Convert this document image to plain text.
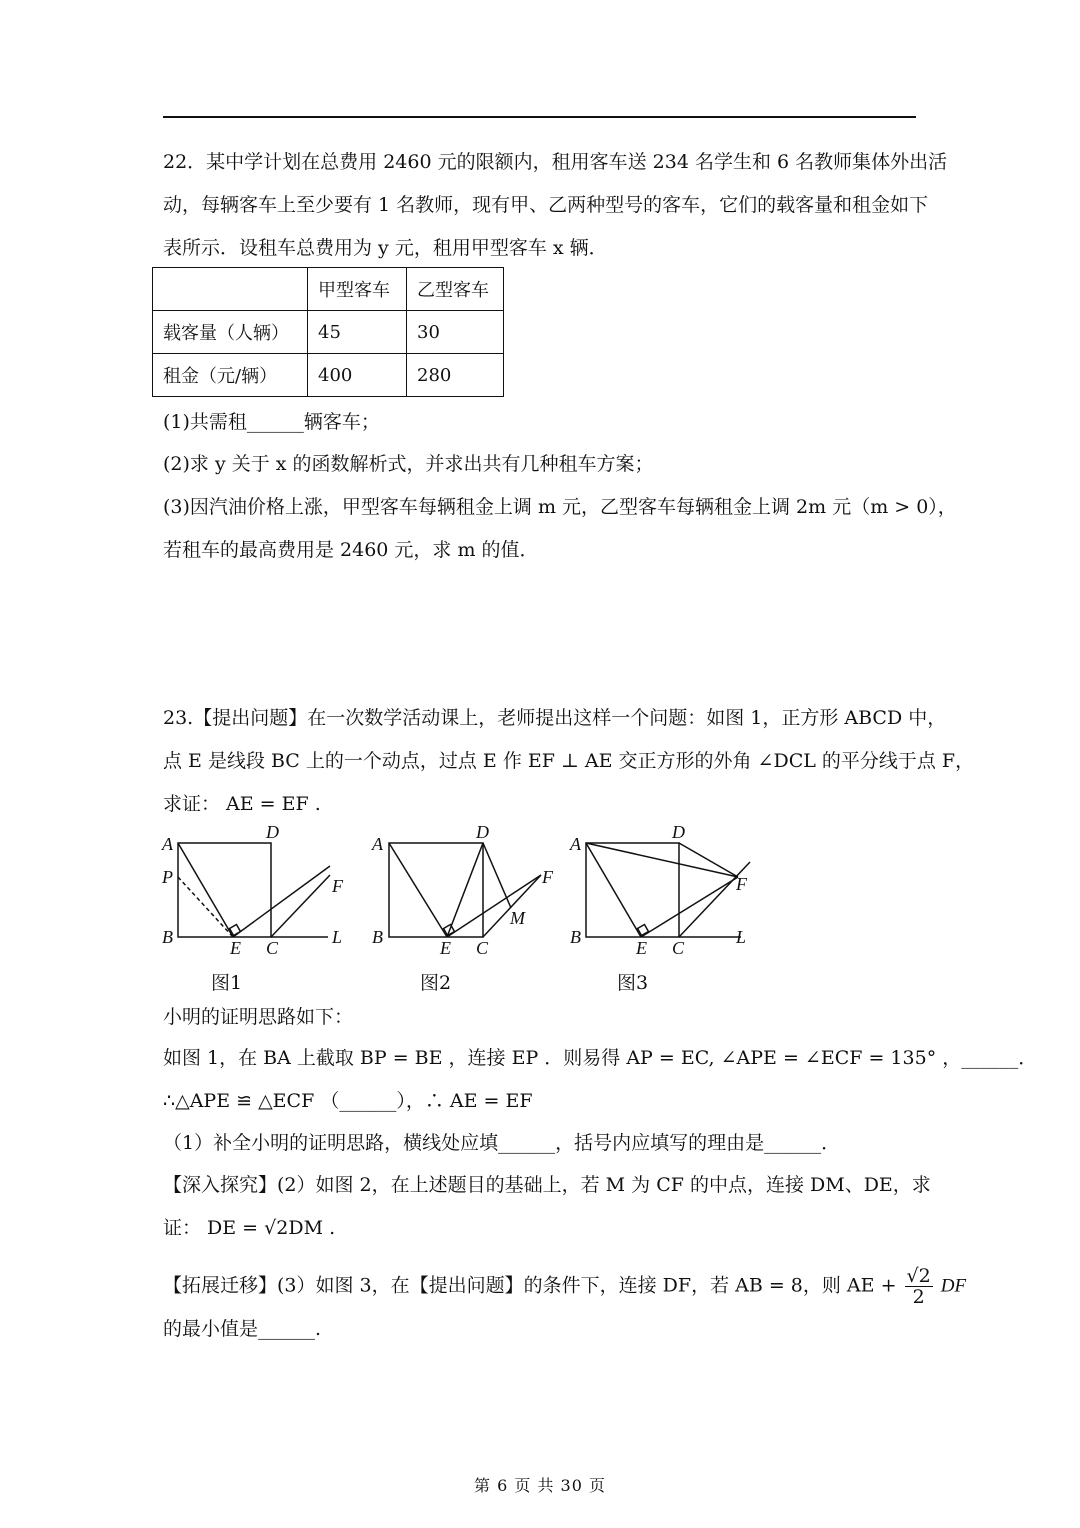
22．某中学计划在总费用 2460 元的限额内，租用客车送 234 名学生和 6 名教师集体外出活
动，每辆客车上至少要有 1 名教师，现有甲、乙两种型号的客车，它们的载客量和租金如下
表所示．设租车总费用为 y 元，租用甲型客车 x 辆．
	甲型客车	乙型客车
载客量（人辆）	45	30
租金（元/辆）	400	280
(1)共需租______辆客车；
(2)求 y 关于 x 的函数解析式，并求出共有几种租车方案；
(3)因汽油价格上涨，甲型客车每辆租金上调 m 元，乙型客车每辆租金上调 2m 元（m > 0），
若租车的最高费用是 2460 元，求 m 的值．
23.【提出问题】在一次数学活动课上，老师提出这样一个问题：如图 1，正方形 ABCD 中，
点 E 是线段 BC 上的一个动点，过点 E 作 EF ⊥ AE 交正方形的外角 ∠DCL 的平分线于点 F，
求证： AE = EF .
A
D
P	F
B
E C
L
图1
A
D
F
M
B
E C
图2
A
D
F
B
E C
L
图3
小明的证明思路如下：
如图 1，在 BA 上截取 BP = BE ，连接 EP ．则易得 AP = EC, ∠APE = ∠ECF = 135° ，______．
∴△APE ≌ △ECF （______），∴ AE = EF
（1）补全小明的证明思路，横线处应填______，括号内应填写的理由是______．
【深入探究】(2）如图 2，在上述题目的基础上，若 M 为 CF 的中点，连接 DM、DE，求
证： DE = √2DM .
【拓展迁移】(3）如图 3，在【提出问题】的条件下，连接 DF，若 AB = 8，则 AE + $\frac{√2}{2}$ DF
的最小值是______.
第 6 页 共 30 页
